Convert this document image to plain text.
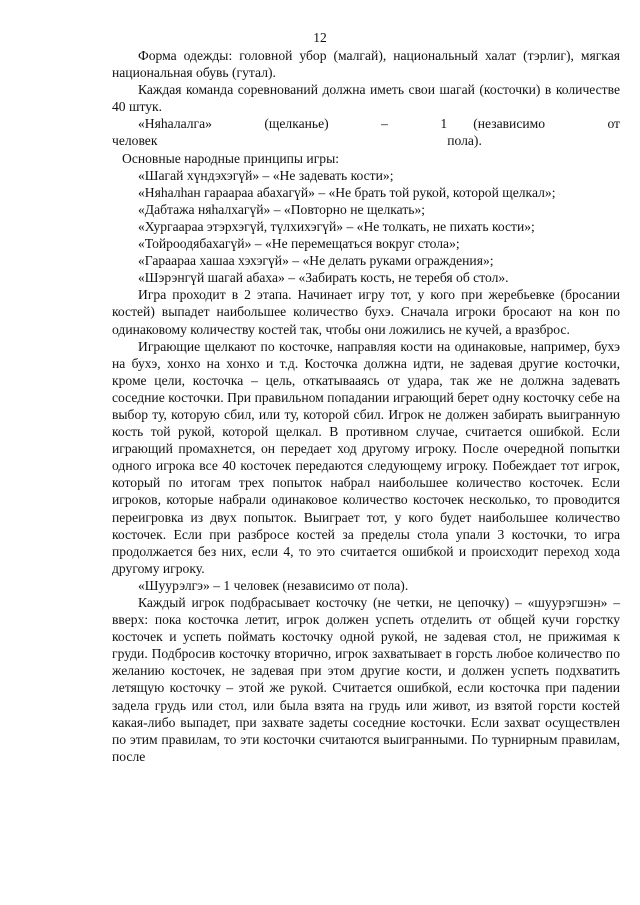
12

Форма одежды: головной убор (малгай), национальный халат (тэрлиг), мягкая национальная обувь (гутал).

Каждая команда соревнований должна иметь свои шагай (косточки) в количестве 40 штук.

«Няhалалга» (щелканье) – 1 человек
(независимо от пола).

Основные народные принципы игры:

«Шагай хүндэхэгүй» – «Не задевать кости»;

«Няhалhан гараараа абахагүй» – «Не брать той рукой, которой щелкал»;

«Дабтажа няhалхагүй» – «Повторно не щелкать»;

«Хургаараа этэрхэгүй, түлхихэгүй» – «Не толкать, не пихать кости»;

«Тойроодябахагүй» – «Не перемещаться вокруг стола»;

«Гараараа хашаа хэхэгүй» – «Не делать руками ограждения»;

«Шэрэнгүй шагай абаха» – «Забирать кость, не теребя об стол».

Игра проходит в 2 этапа. Начинает игру тот, у кого при жеребьевке (бросании костей) выпадет наибольшее количество бухэ. Сначала игроки бросают на кон по одинаковому количеству костей так, чтобы они ложились не кучей, а вразброс.

Играющие щелкают по косточке, направляя кости на одинаковые, например, бухэ на бухэ, хонхо на хонхо и т.д. Косточка должна идти, не задевая другие косточки, кроме цели, косточка – цель, откатывааясь от удара, так же не должна задевать соседние косточки. При правильном попадании играющий берет одну косточку себе на выбор ту, которую сбил, или ту, которой сбил. Игрок не должен забирать выигранную кость той рукой, которой щелкал. В противном случае, считается ошибкой. Если играющий промахнется, он передает ход другому игроку. После очередной попытки одного игрока все 40 косточек передаются следующему игроку. Побеждает тот игрок, который по итогам трех попыток набрал наибольшее количество косточек. Если игроков, которые набрали одинаковое количество косточек несколько, то проводится переигровка из двух попыток. Выиграет тот, у кого будет наибольшее количество косточек. Если при разбросе костей за пределы стола упали 3 косточки, то игра продолжается без них, если 4, то это считается ошибкой и происходит переход хода другому игроку.

«Шуурэлгэ» – 1 человек (независимо от пола).

Каждый игрок подбрасывает косточку (не четки, не цепочку) – «шуурэгшэн» – вверх: пока косточка летит, игрок должен успеть отделить от общей кучи горстку косточек и успеть поймать косточку одной рукой, не задевая стол, не прижимая к груди. Подбросив косточку вторично, игрок захватывает в горсть любое количество по желанию косточек, не задевая при этом другие кости, и должен успеть подхватить летящую косточку – этой же рукой. Считается ошибкой, если косточка при падении задела грудь или стол, или была взята на грудь или живот, из взятой горсти костей какая-либо выпадет, при захвате задеты соседние косточки. Если захват осуществлен по этим правилам, то эти косточки считаются выигранными. По турнирным правилам, после
